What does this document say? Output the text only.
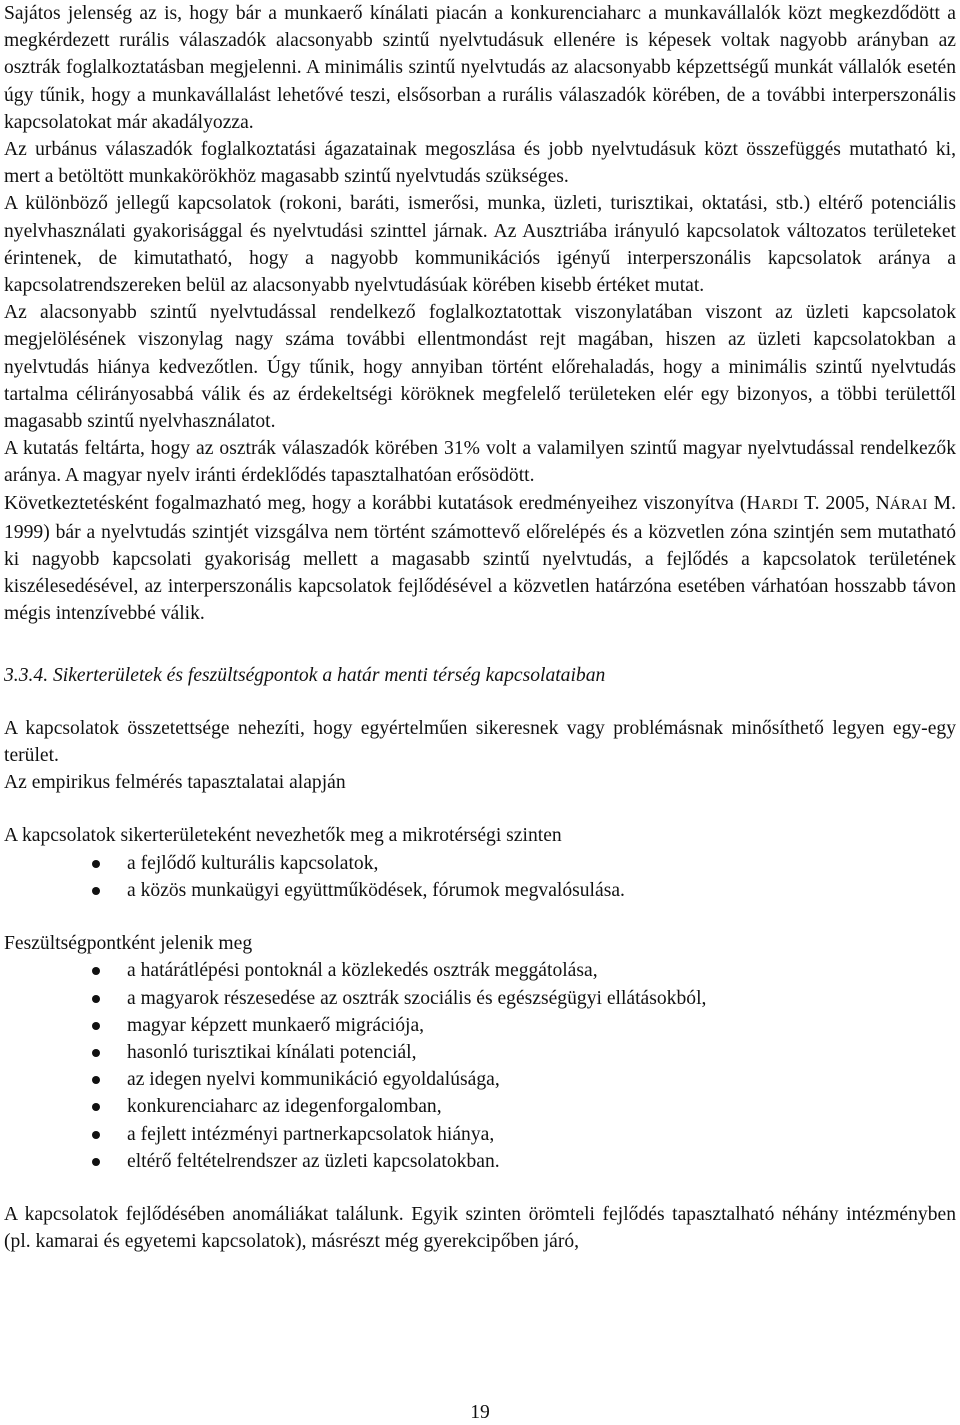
Sajátos jelenség az is, hogy bár a munkaerő kínálati piacán a konkurenciaharc a munkavállalók közt megkezdődött a megkérdezett rurális válaszadók alacsonyabb szintű nyelvtudásuk ellenére is képesek voltak nagyobb arányban az osztrák foglalkoztatásban megjelenni. A minimális szintű nyelvtudás az alacsonyabb képzettségű munkát vállalók esetén úgy tűnik, hogy a munkavállalást lehetővé teszi, elsősorban a rurális válaszadók körében, de a további interperszonális kapcsolatokat már akadályozza.

Az urbánus válaszadók foglalkoztatási ágazatainak megoszlása és jobb nyelvtudásuk közt összefüggés mutatható ki, mert a betöltött munkakörökhöz magasabb szintű nyelvtudás szükséges.

A különböző jellegű kapcsolatok (rokoni, baráti, ismerősi, munka, üzleti, turisztikai, oktatási, stb.) eltérő potenciális nyelvhasználati gyakorisággal és nyelvtudási szinttel járnak. Az Ausztriába irányuló kapcsolatok változatos területeket érintenek, de kimutatható, hogy a nagyobb kommunikációs igényű interperszonális kapcsolatok aránya a kapcsolatrendszereken belül az alacsonyabb nyelvtudásúak körében kisebb értéket mutat.

Az alacsonyabb szintű nyelvtudással rendelkező foglalkoztatottak viszonylatában viszont az üzleti kapcsolatok megjelölésének viszonylag nagy száma további ellentmondást rejt magában, hiszen az üzleti kapcsolatokban a nyelvtudás hiánya kedvezőtlen. Úgy tűnik, hogy annyiban történt előrehaladás, hogy a minimális szintű nyelvtudás tartalma célirányosabbá válik és az érdekeltségi köröknek megfelelő területeken elér egy bizonyos, a többi területtől magasabb szintű nyelvhasználatot.

A kutatás feltárta, hogy az osztrák válaszadók körében 31% volt a valamilyen szintű magyar nyelvtudással rendelkezők aránya. A magyar nyelv iránti érdeklődés tapasztalhatóan erősödött.

Következtetésként fogalmazható meg, hogy a korábbi kutatások eredményeihez viszonyítva (HARDI T. 2005, NÁRAI M. 1999) bár a nyelvtudás szintjét vizsgálva nem történt számottevő előrelépés és a közvetlen zóna szintjén sem mutatható ki nagyobb kapcsolati gyakoriság mellett a magasabb szintű nyelvtudás, a fejlődés a kapcsolatok területének kiszélesedésével, az interperszonális kapcsolatok fejlődésével a közvetlen határzóna esetében várhatóan hosszabb távon mégis intenzívebbé válik.

3.3.4. Sikerterületek és feszültségpontok a határ menti térség kapcsolataiban

A kapcsolatok összetettsége nehezíti, hogy egyértelműen sikeresnek vagy problémásnak minősíthető legyen egy-egy terület.

Az empirikus felmérés tapasztalatai alapján

A kapcsolatok sikerterületeként nevezhetők meg a mikrotérségi szinten

a fejlődő kulturális kapcsolatok,
a közös munkaügyi együttműködések, fórumok megvalósulása.

Feszültségpontként jelenik meg

a határátlépési pontoknál a közlekedés osztrák meggátolása,
a magyarok részesedése az osztrák szociális és egészségügyi ellátásokból,
magyar képzett munkaerő migrációja,
hasonló turisztikai kínálati potenciál,
az idegen nyelvi kommunikáció egyoldalúsága,
konkurenciaharc az idegenforgalomban,
a fejlett intézményi partnerkapcsolatok hiánya,
eltérő feltételrendszer az üzleti kapcsolatokban.

A kapcsolatok fejlődésében anomáliákat találunk. Egyik szinten örömteli fejlődés tapasztalható néhány intézményben (pl. kamarai és egyetemi kapcsolatok), másrészt még gyerekcipőben járó,

19
